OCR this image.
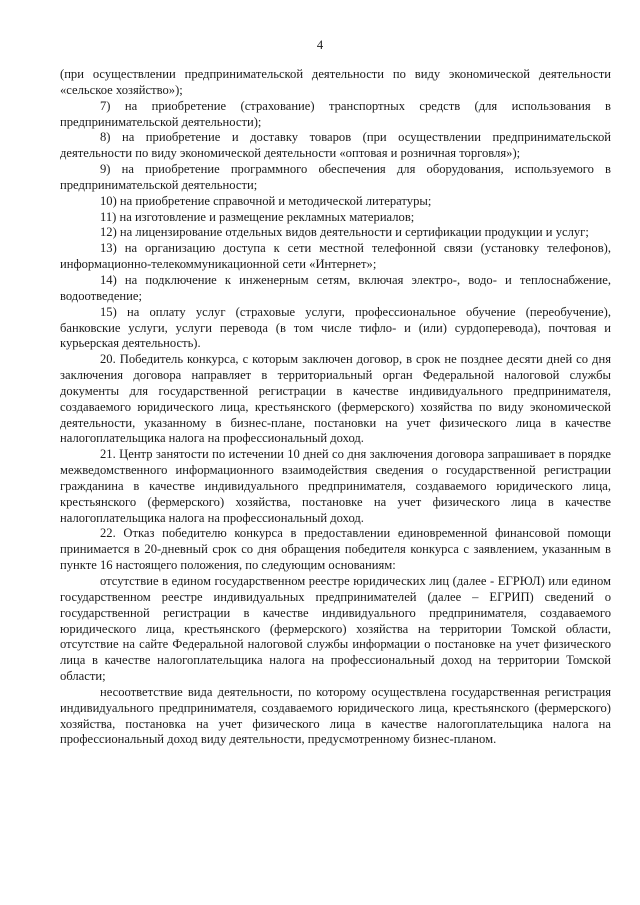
4

(при осуществлении предпринимательской деятельности по виду экономической деятельности «сельское хозяйство»);

7) на приобретение (страхование) транспортных средств (для использования в предпринимательской деятельности);

8) на приобретение и доставку товаров (при осуществлении предпринимательской деятельности по виду экономической деятельности «оптовая и розничная торговля»);

9) на приобретение программного обеспечения для оборудования, используемого в предпринимательской деятельности;

10) на приобретение справочной и методической литературы;

11) на изготовление и размещение рекламных материалов;

12) на лицензирование отдельных видов деятельности и сертификации продукции и услуг;

13) на организацию доступа к сети местной телефонной связи (установку телефонов), информационно-телекоммуникационной сети «Интернет»;

14) на подключение к инженерным сетям, включая электро-, водо- и теплоснабжение, водоотведение;

15) на оплату услуг (страховые услуги, профессиональное обучение (переобучение), банковские услуги, услуги перевода (в том числе тифло- и (или) сурдоперевода), почтовая и курьерская деятельность).

20. Победитель конкурса, с которым заключен договор, в срок не позднее десяти дней со дня заключения договора направляет в территориальный орган Федеральной налоговой службы документы для государственной регистрации в качестве индивидуального предпринимателя, создаваемого юридического лица, крестьянского (фермерского) хозяйства по виду экономической деятельности, указанному в бизнес-плане, постановки на учет физического лица в качестве налогоплательщика налога на профессиональный доход.

21. Центр занятости по истечении 10 дней со дня заключения договора запрашивает в порядке межведомственного информационного взаимодействия сведения о государственной регистрации гражданина в качестве индивидуального предпринимателя, создаваемого юридического лица, крестьянского (фермерского) хозяйства, постановке на учет физического лица в качестве налогоплательщика налога на профессиональный доход.

22. Отказ победителю конкурса в предоставлении единовременной финансовой помощи принимается в 20-дневный срок со дня обращения победителя конкурса с заявлением, указанным в пункте 16 настоящего положения, по следующим основаниям:

отсутствие в едином государственном реестре юридических лиц (далее - ЕГРЮЛ) или едином государственном реестре индивидуальных предпринимателей (далее – ЕГРИП) сведений о государственной регистрации в качестве индивидуального предпринимателя, создаваемого юридического лица, крестьянского (фермерского) хозяйства на территории Томской области, отсутствие на сайте Федеральной налоговой службы информации о постановке на учет физического лица в качестве налогоплательщика налога на профессиональный доход на территории Томской области;

несоответствие вида деятельности, по которому осуществлена государственная регистрация индивидуального предпринимателя, создаваемого юридического лица, крестьянского (фермерского) хозяйства, постановка на учет физического лица в качестве налогоплательщика налога на профессиональный доход виду деятельности, предусмотренному бизнес-планом.
